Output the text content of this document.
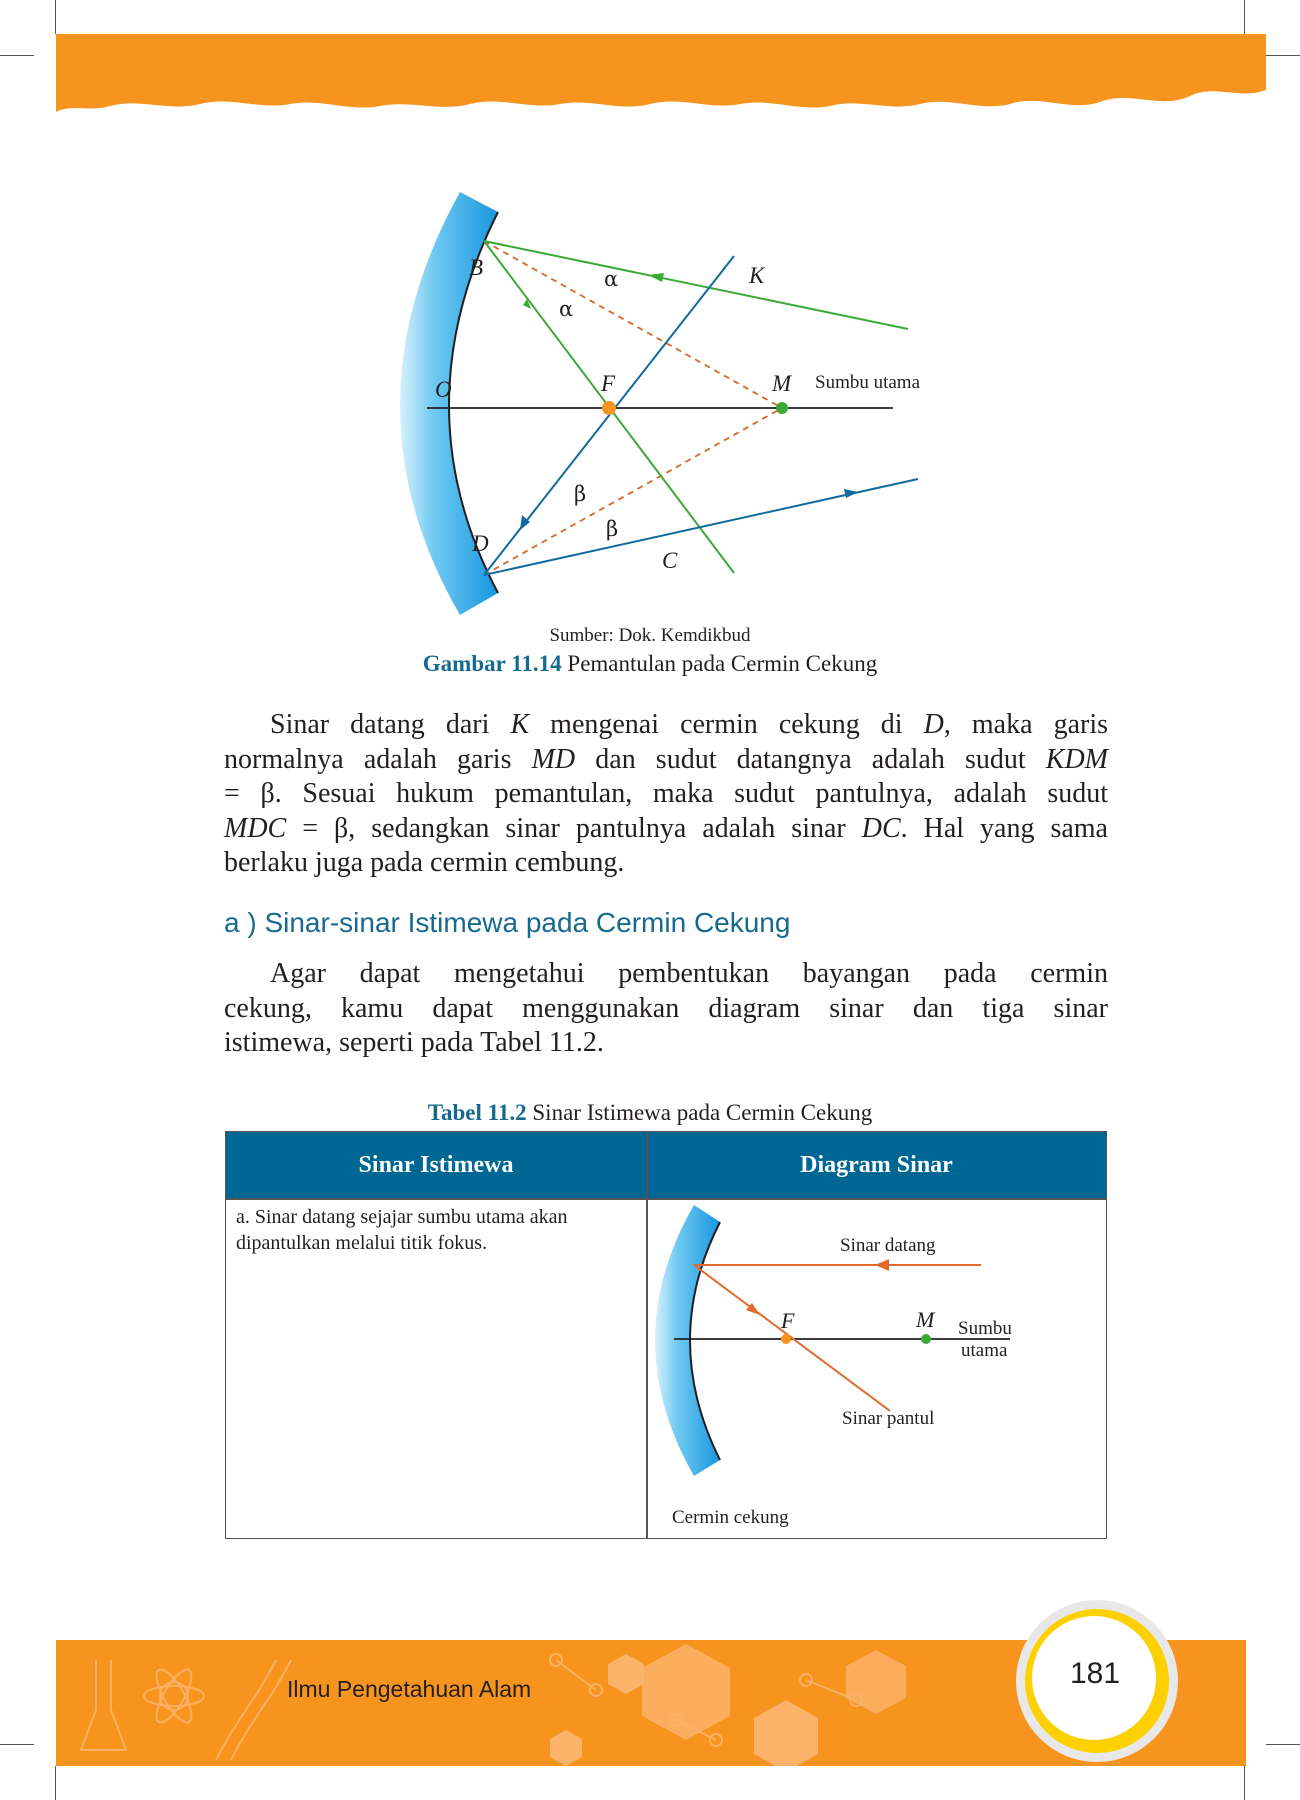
B	K
O	F	M Sumbu utama
D
C
α
α
β
β
Sumber: Dok. Kemdikbud
Gambar 11.14 Pemantulan pada Cermin Cekung
Sinar datang dari K mengenai cermin cekung di D, maka garis
normalnya adalah garis MD dan sudut datangnya adalah sudut KDM
= β. Sesuai hukum pemantulan, maka sudut pantulnya, adalah sudut
MDC = β, sedangkan sinar pantulnya adalah sinar DC. Hal yang sama
berlaku juga pada cermin cembung.
a ) Sinar-sinar Istimewa pada Cermin Cekung
Agar dapat mengetahui pembentukan bayangan pada cermin
cekung, kamu dapat menggunakan diagram sinar dan tiga sinar
istimewa, seperti pada Tabel 11.2.
Tabel 11.2 Sinar Istimewa pada Cermin Cekung
Sinar Istimewa	Diagram Sinar
a. Sinar datang sejajar sumbu utama akan
dipantulkan melalui titik fokus.	Sinar datang
F	M Sumbu
utama
Sinar pantul
Cermin cekung
Ilmu Pengetahuan Alam	181
